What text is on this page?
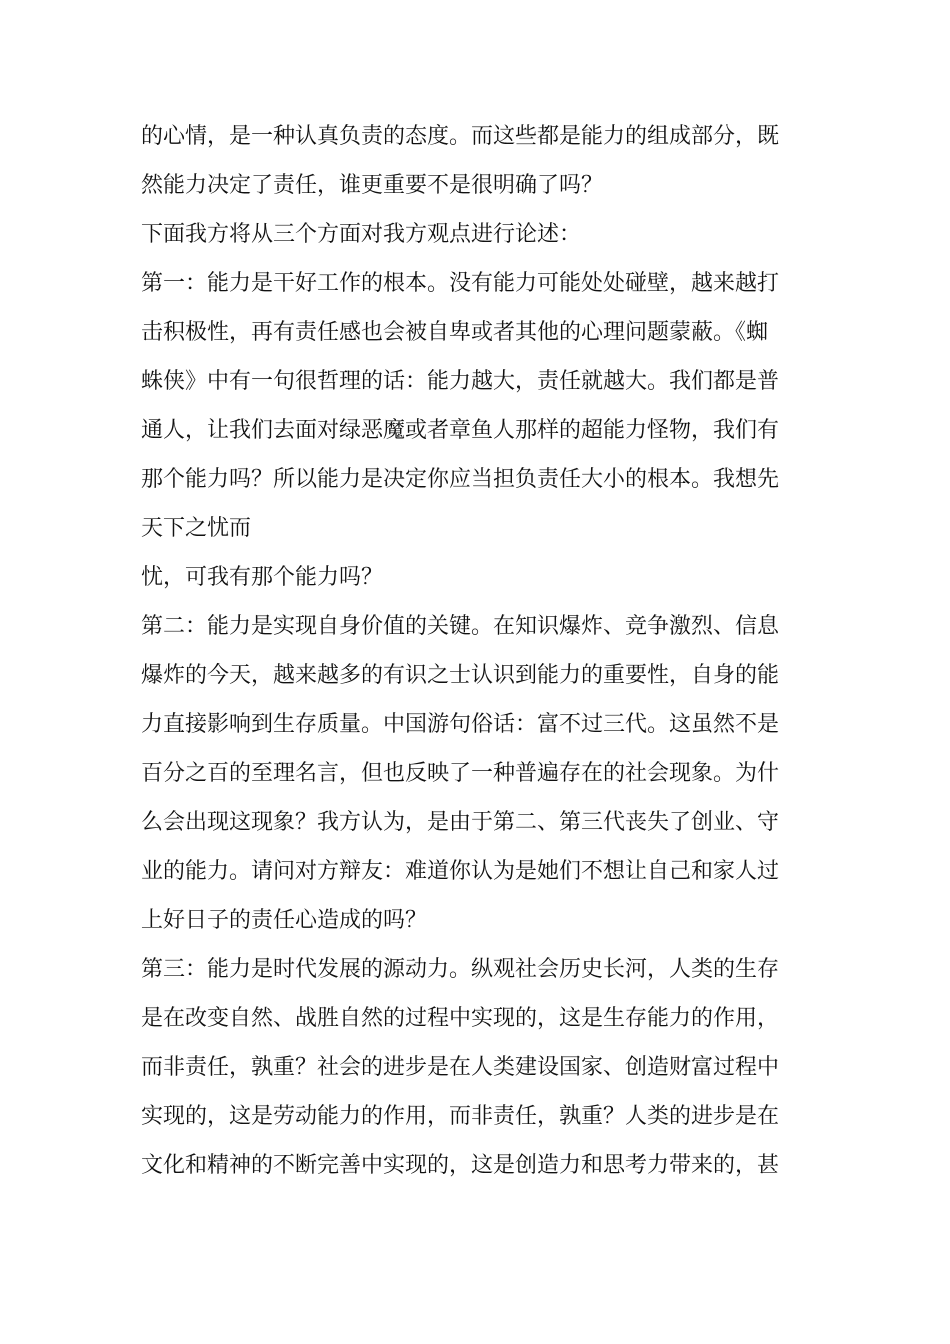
的心情，是一种认真负责的态度。而这些都是能力的组成部分，既
然能力决定了责任，谁更重要不是很明确了吗？
下面我方将从三个方面对我方观点进行论述：
第一：能力是干好工作的根本。没有能力可能处处碰壁，越来越打
击积极性，再有责任感也会被自卑或者其他的心理问题蒙蔽。《蜘
蛛侠》中有一句很哲理的话：能力越大，责任就越大。我们都是普
通人，让我们去面对绿恶魔或者章鱼人那样的超能力怪物，我们有
那个能力吗？所以能力是决定你应当担负责任大小的根本。我想先
天下之忧而
忧，可我有那个能力吗？
第二：能力是实现自身价值的关键。在知识爆炸、竞争激烈、信息
爆炸的今天，越来越多的有识之士认识到能力的重要性，自身的能
力直接影响到生存质量。中国游句俗话：富不过三代。这虽然不是
百分之百的至理名言，但也反映了一种普遍存在的社会现象。为什
么会出现这现象？我方认为，是由于第二、第三代丧失了创业、守
业的能力。请问对方辩友：难道你认为是她们不想让自己和家人过
上好日子的责任心造成的吗？
第三：能力是时代发展的源动力。纵观社会历史长河，人类的生存
是在改变自然、战胜自然的过程中实现的，这是生存能力的作用，
而非责任，孰重？社会的进步是在人类建设国家、创造财富过程中
实现的，这是劳动能力的作用，而非责任，孰重？人类的进步是在
文化和精神的不断完善中实现的，这是创造力和思考力带来的，甚
